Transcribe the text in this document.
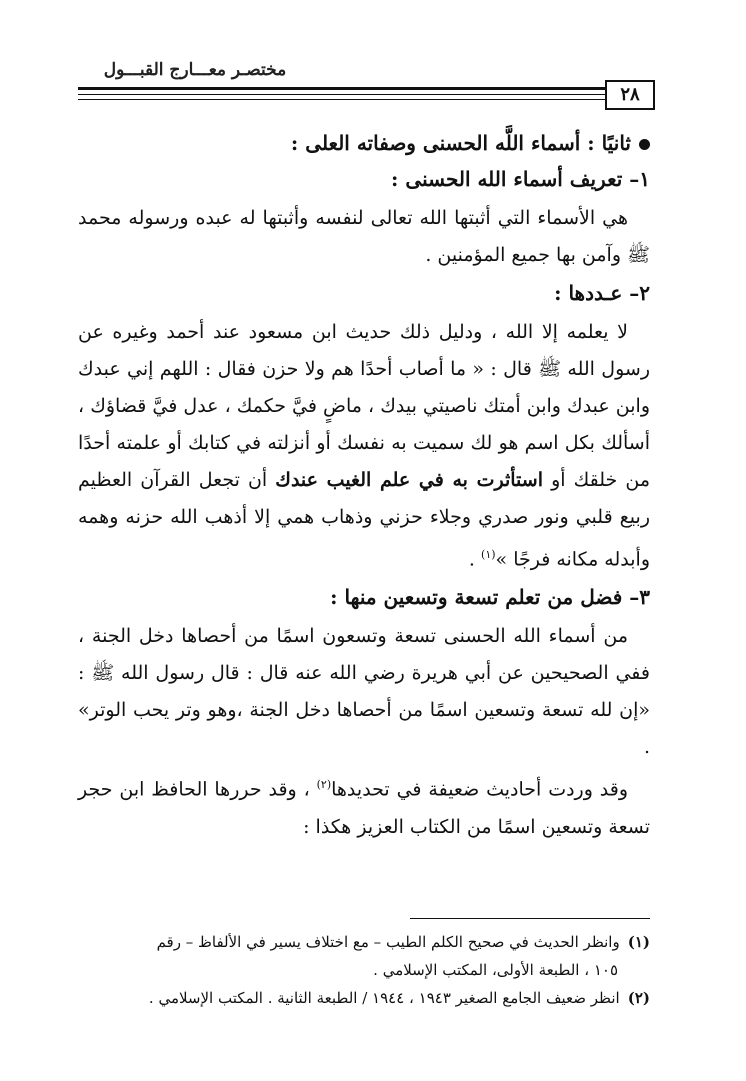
مختصـر معـــارج القبـــول
٢٨
ثانيًا : أسماء اللَّه الحسنى وصفاته العلى :
١– تعريف أسماء الله الحسنى :

هي الأسماء التي أثبتها الله تعالى لنفسه وأثبتها له عبده ورسوله محمد ﷺ وآمن بها جميع المؤمنين .

٢– عـددها :

لا يعلمه إلا الله ، ودليل ذلك حديث ابن مسعود عند أحمد وغيره عن رسول الله ﷺ قال : « ما أصاب أحدًا هم ولا حزن فقال : اللهم إني عبدك وابن عبدك وابن أمتك ناصيتي بيدك ، ماضٍ فيَّ حكمك ، عدل فيَّ قضاؤك ، أسألك بكل اسم هو لك سميت به نفسك أو أنزلته في كتابك أو علمته أحدًا من خلقك أو استأثرت به في علم الغيب عندك أن تجعل القرآن العظيم ربيع قلبي ونور صدري وجلاء حزني وذهاب همي إلا أذهب الله حزنه وهمه وأبدله مكانه فرجًا »$^{(١)}$ .

٣– فضل من تعلم تسعة وتسعين منها :

من أسماء الله الحسنى تسعة وتسعون اسمًا من أحصاها دخل الجنة ، ففي الصحيحين عن أبي هريرة رضي الله عنه قال : قال رسول الله ﷺ : «إن لله تسعة وتسعين اسمًا من أحصاها دخل الجنة ،وهو وتر يحب الوتر» .

وقد وردت أحاديث ضعيفة في تحديدها$^{(٢)}$ ، وقد حررها الحافظ ابن حجر تسعة وتسعين اسمًا من الكتاب العزيز هكذا :

(١)وانظر الحديث في صحيح الكلم الطيب – مع اختلاف يسير في الألفاظ – رقم

١٠٥ ، الطبعة الأولى، المكتب الإسلامي .

(٢)انظر ضعيف الجامع الصغير ١٩٤٣ ، ١٩٤٤ / الطبعة الثانية . المكتب الإسلامي .
